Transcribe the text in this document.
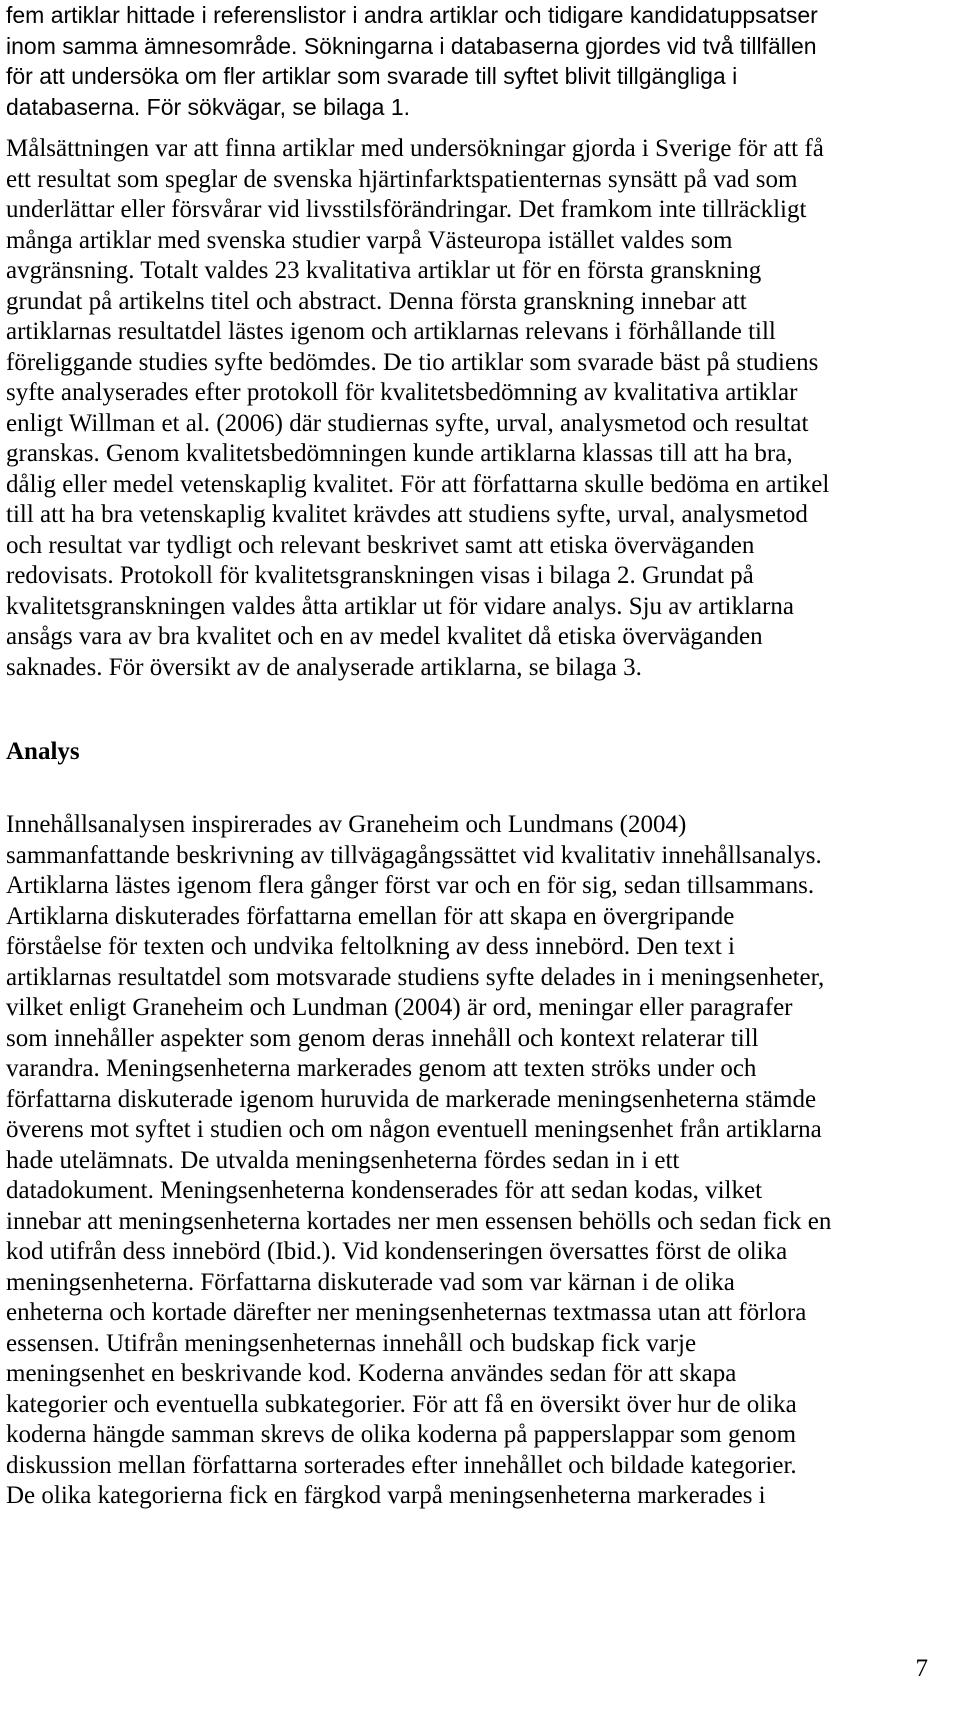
fem artiklar hittade i referenslistor i andra artiklar och tidigare kandidatuppsatser
inom samma ämnesområde. Sökningarna i databaserna gjordes vid två tillfällen
för att undersöka om fler artiklar som svarade till syftet blivit tillgängliga i
databaserna. För sökvägar, se bilaga 1.

Målsättningen var att finna artiklar med undersökningar gjorda i Sverige för att få
ett resultat som speglar de svenska hjärtinfarktspatienternas synsätt på vad som
underlättar eller försvårar vid livsstilsförändringar. Det framkom inte tillräckligt
många artiklar med svenska studier varpå Västeuropa istället valdes som
avgränsning. Totalt valdes 23 kvalitativa artiklar ut för en första granskning
grundat på artikelns titel och abstract. Denna första granskning innebar att
artiklarnas resultatdel lästes igenom och artiklarnas relevans i förhållande till
föreliggande studies syfte bedömdes. De tio artiklar som svarade bäst på studiens
syfte analyserades efter protokoll för kvalitetsbedömning av kvalitativa artiklar
enligt Willman et al. (2006) där studiernas syfte, urval, analysmetod och resultat
granskas. Genom kvalitetsbedömningen kunde artiklarna klassas till att ha bra,
dålig eller medel vetenskaplig kvalitet. För att författarna skulle bedöma en artikel
till att ha bra vetenskaplig kvalitet krävdes att studiens syfte, urval, analysmetod
och resultat var tydligt och relevant beskrivet samt att etiska överväganden
redovisats. Protokoll för kvalitetsgranskningen visas i bilaga 2. Grundat på
kvalitetsgranskningen valdes åtta artiklar ut för vidare analys. Sju av artiklarna
ansågs vara av bra kvalitet och en av medel kvalitet då etiska överväganden
saknades. För översikt av de analyserade artiklarna, se bilaga 3.

Analys

Innehållsanalysen inspirerades av Graneheim och Lundmans (2004)
sammanfattande beskrivning av tillvägagångssättet vid kvalitativ innehållsanalys.
Artiklarna lästes igenom flera gånger först var och en för sig, sedan tillsammans.
Artiklarna diskuterades författarna emellan för att skapa en övergripande
förståelse för texten och undvika feltolkning av dess innebörd. Den text i
artiklarnas resultatdel som motsvarade studiens syfte delades in i meningsenheter,
vilket enligt Graneheim och Lundman (2004) är ord, meningar eller paragrafer
som innehåller aspekter som genom deras innehåll och kontext relaterar till
varandra. Meningsenheterna markerades genom att texten ströks under och
författarna diskuterade igenom huruvida de markerade meningsenheterna stämde
överens mot syftet i studien och om någon eventuell meningsenhet från artiklarna
hade utelämnats. De utvalda meningsenheterna fördes sedan in i ett
datadokument. Meningsenheterna kondenserades för att sedan kodas, vilket
innebar att meningsenheterna kortades ner men essensen behölls och sedan fick en
kod utifrån dess innebörd (Ibid.). Vid kondenseringen översattes först de olika
meningsenheterna. Författarna diskuterade vad som var kärnan i de olika
enheterna och kortade därefter ner meningsenheternas textmassa utan att förlora
essensen. Utifrån meningsenheternas innehåll och budskap fick varje
meningsenhet en beskrivande kod. Koderna användes sedan för att skapa
kategorier och eventuella subkategorier. För att få en översikt över hur de olika
koderna hängde samman skrevs de olika koderna på papperslappar som genom
diskussion mellan författarna sorterades efter innehållet och bildade kategorier.
De olika kategorierna fick en färgkod varpå meningsenheterna markerades i

7
